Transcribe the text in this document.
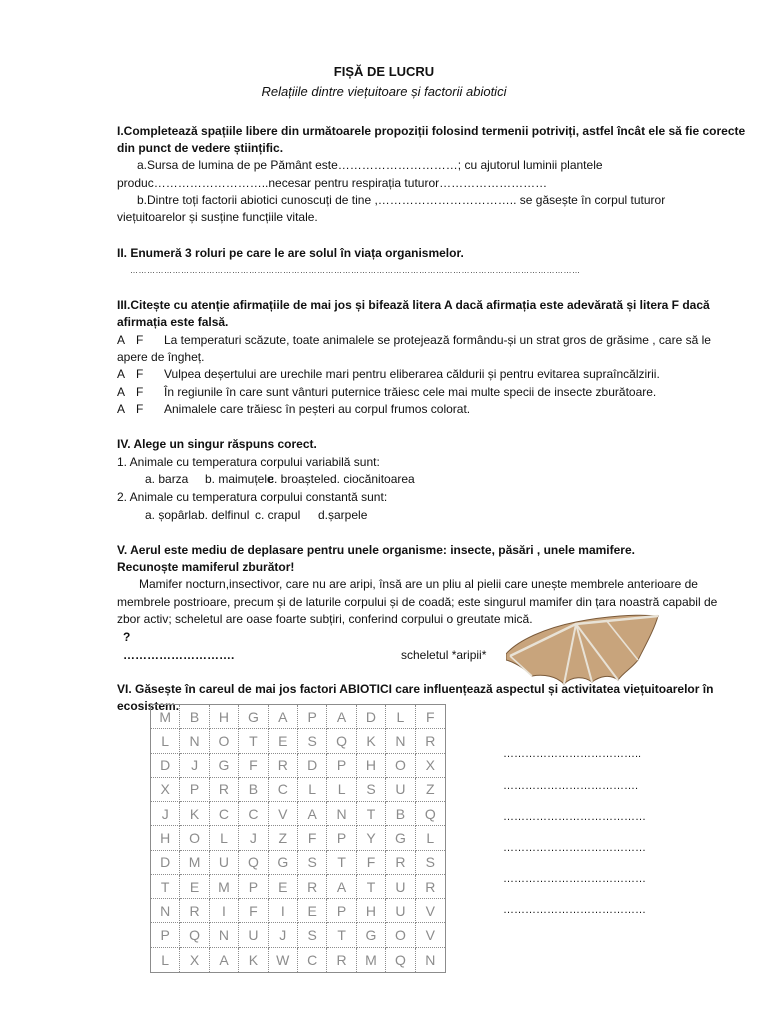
FIȘĂ DE LUCRU
Relațiile dintre viețuitoare și factorii abiotici
I.Completează spațiile libere din următoarele propoziții folosind termenii potriviți, astfel încât ele să fie corecte
din punct de vedere științific.
a.Sursa de lumina de pe Pământ este…………………………; cu ajutorul luminii plantele
produc………………………..necesar pentru respirația tuturor………………………
b.Dintre toți factorii abiotici cunoscuți de tine ,…………………………….. se găsește în corpul tuturor
viețuitoarelor și susține funcțiile vitale.
II. Enumeră 3 roluri pe care le are solul în viața organismelor.
……………………………………………………………………………………………………………………………………………
III.Citește cu atenție afirmațiile de mai jos și bifează litera A dacă afirmația este adevărată și litera F dacă
afirmația este falsă.
A F La temperaturi scăzute, toate animalele se protejează formându-și un strat gros de grăsime , care să le
apere de îngheț.
A F Vulpea deșertului are urechile mari pentru eliberarea căldurii și pentru evitarea supraîncălzirii.
A F În regiunile în care sunt vânturi puternice trăiesc cele mai multe specii de insecte zburătoare.
A F Animalele care trăiesc în peșteri au corpul frumos colorat.
IV. Alege un singur răspuns corect.
1. Animale cu temperatura corpului variabilă sunt:
a. barza b. maimuțele
c. broaștele d. ciocănitoarea
2. Animale cu temperatura corpului constantă sunt:
a. șopârla b. delfinul c. crapul d.șarpele
V. Aerul este mediu de deplasare pentru unele organisme: insecte, păsări , unele mamifere.
Recunoște mamiferul zburător!
Mamifer nocturn,insectivor, care nu are aripi, însă are un pliu al pielii care unește membrele anterioare de
membrele postrioare, precum și de laturile corpului și de coadă; este singurul mamifer din țara noastră capabil de
zbor activ; scheletul are oase foarte subțiri, conferind corpului o greutate mică.
?
……………………….	scheletul *aripii*
VI. Găsește în careul de mai jos factori ABIOTICI care influențează aspectul și activitatea viețuitoarelor în
ecosistem.
M	B	H	G	A	P	A	D	L	F
L	N	O	T	E	S	Q	K	N	R
D	J	G	F	R	D	P	H	O	X
X	P	R	B	C	L	L	S	U	Z
J	K	C	C	V	A	N	T	B	Q
H	O	L	J	Z	F	P	Y	G	L
D	M	U	Q	G	S	T	F	R	S
T	E	M	P	E	R	A	T	U	R
N	R	I	F	I	E	P	H	U	V
P	Q	N	U	J	S	T	G	O	V
L	X	A	K	W	C	R	M	Q	N
………………………………..
……………………………….
…………………………………
…………………………………
…………………………………
…………………………………
